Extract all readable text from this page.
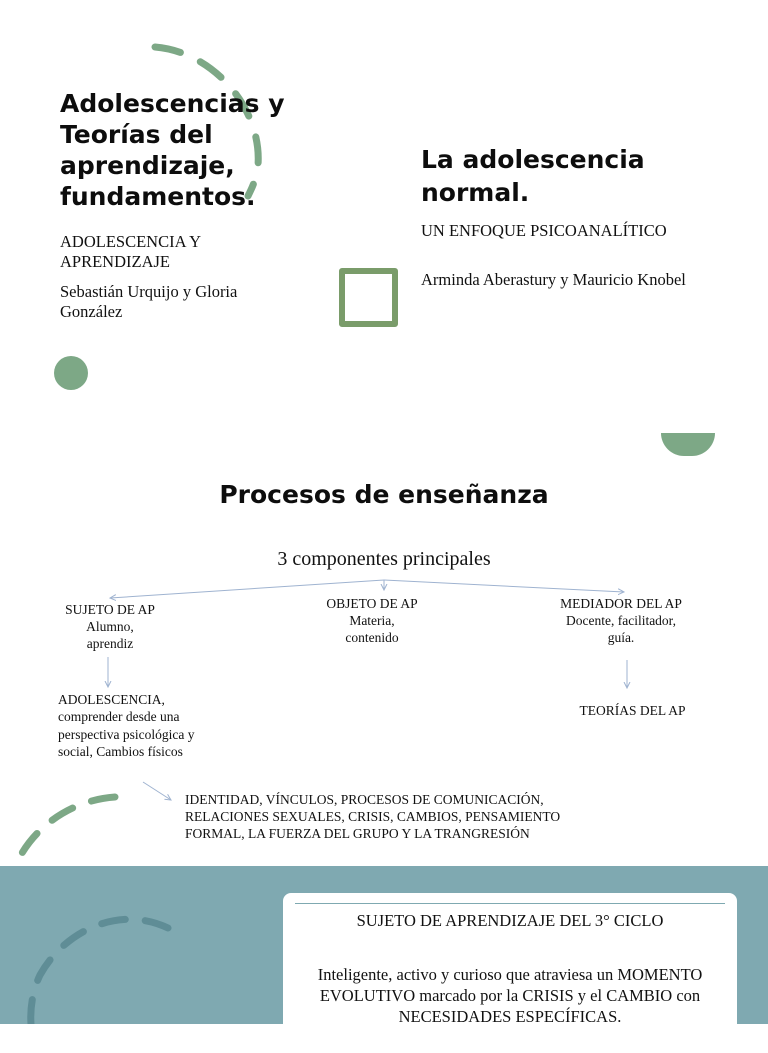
Adolescencias y Teorías del aprendizaje, fundamentos.
ADOLESCENCIA Y APRENDIZAJE
Sebastián Urquijo y Gloria González
La adolescencia normal.
UN ENFOQUE PSICOANALÍTICO
Arminda Aberastury y Mauricio Knobel
Procesos de enseñanza
3 componentes principales
SUJETO DE AP
Alumno, aprendiz
OBJETO DE AP
Materia, contenido
MEDIADOR DEL AP
Docente, facilitador, guía.
ADOLESCENCIA, comprender desde una perspectiva psicológica y social, Cambios físicos
TEORÍAS DEL AP
IDENTIDAD, VÍNCULOS, PROCESOS DE COMUNICACIÓN, RELACIONES SEXUALES, CRISIS, CAMBIOS, PENSAMIENTO FORMAL, LA FUERZA DEL GRUPO Y LA TRANGRESIÓN
SUJETO DE APRENDIZAJE DEL 3° CICLO
Inteligente, activo y curioso que atraviesa un MOMENTO EVOLUTIVO marcado por la CRISIS y el CAMBIO con NECESIDADES ESPECÍFICAS.
